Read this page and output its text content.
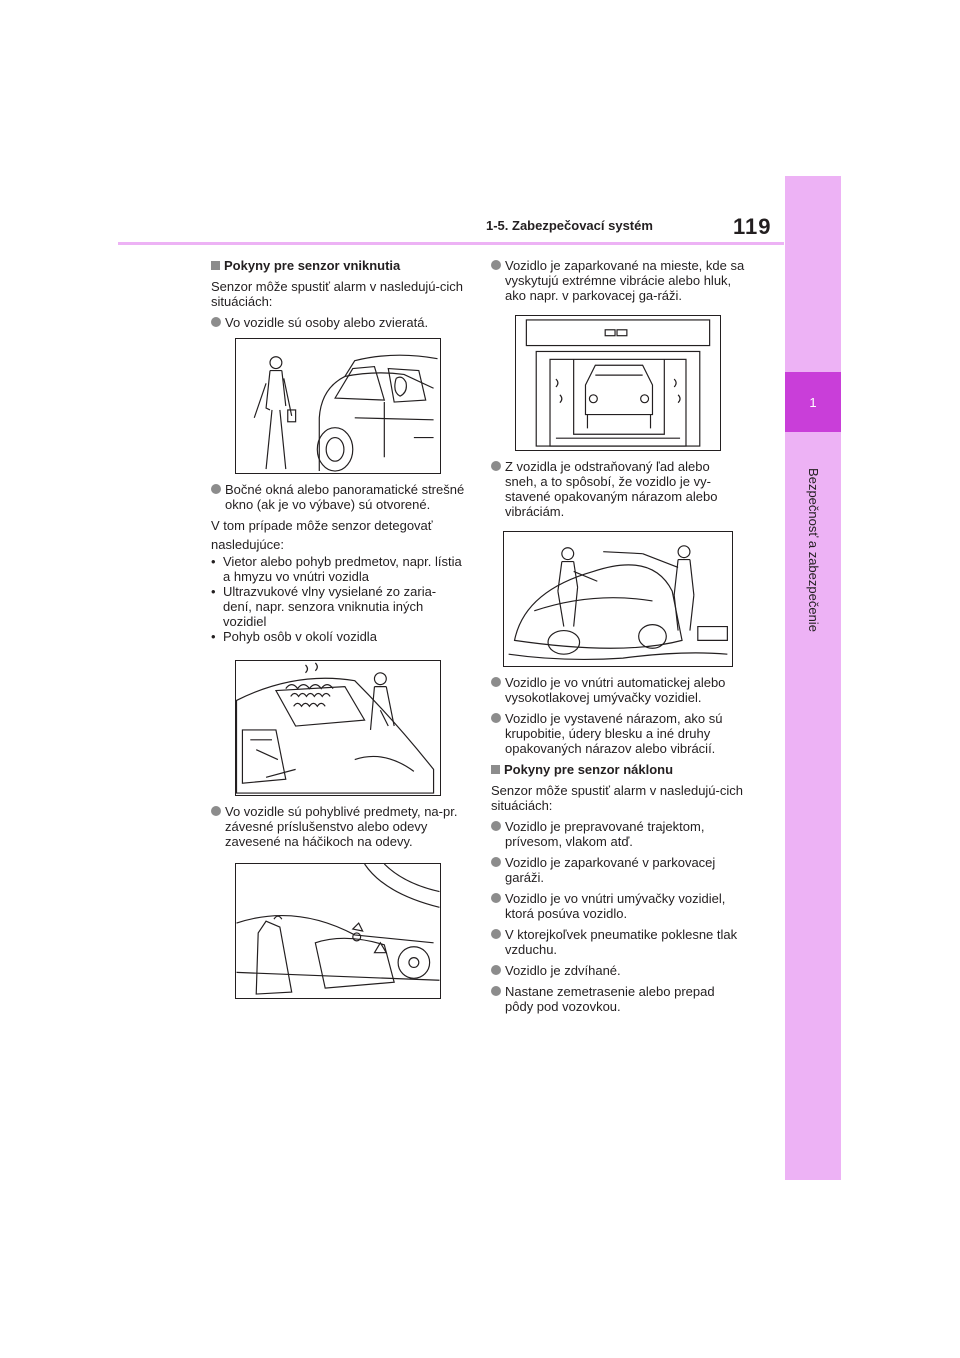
1
Bezpečnosť a zabezpečenie
1-5. Zabezpečovací systém	119
Pokyny pre senzor vniknutia
Senzor môže spustiť alarm v nasledujú-cich situáciách:
Vo vozidle sú osoby alebo zvieratá.
Bočné okná alebo panoramatické strešné okno (ak je vo výbave) sú otvorené.
V tom prípade môže senzor detegovať
nasledujúce:
• Vietor alebo pohyb predmetov, napr. lístia a hmyzu vo vnútri vozidla
• Ultrazvukové vlny vysielané zo zaria-dení, napr. senzora vniknutia iných vozidiel
• Pohyb osôb v okolí vozidla
Vo vozidle sú pohyblivé predmety, na-pr. závesné príslušenstvo alebo odevy zavesené na háčikoch na odevy.
Vozidlo je zaparkované na mieste, kde sa vyskytujú extrémne vibrácie alebo hluk, ako napr. v parkovacej ga-ráži.
Z vozidla je odstraňovaný ľad alebo sneh, a to spôsobí, že vozidlo je vy-stavené opakovaným nárazom alebo vibráciám.
Vozidlo je vo vnútri automatickej alebo vysokotlakovej umývačky vozidiel.
Vozidlo je vystavené nárazom, ako sú krupobitie, údery blesku a iné druhy opakovaných nárazov alebo vibrácií.
Pokyny pre senzor náklonu
Senzor môže spustiť alarm v nasledujú-cich situáciách:
Vozidlo je prepravované trajektom, prívesom, vlakom atď.
Vozidlo je zaparkované v parkovacej garáži.
Vozidlo je vo vnútri umývačky vozidiel, ktorá posúva vozidlo.
V ktorejkoľvek pneumatike poklesne tlak vzduchu.
Vozidlo je zdvíhané.
Nastane zemetrasenie alebo prepad pôdy pod vozovkou.
